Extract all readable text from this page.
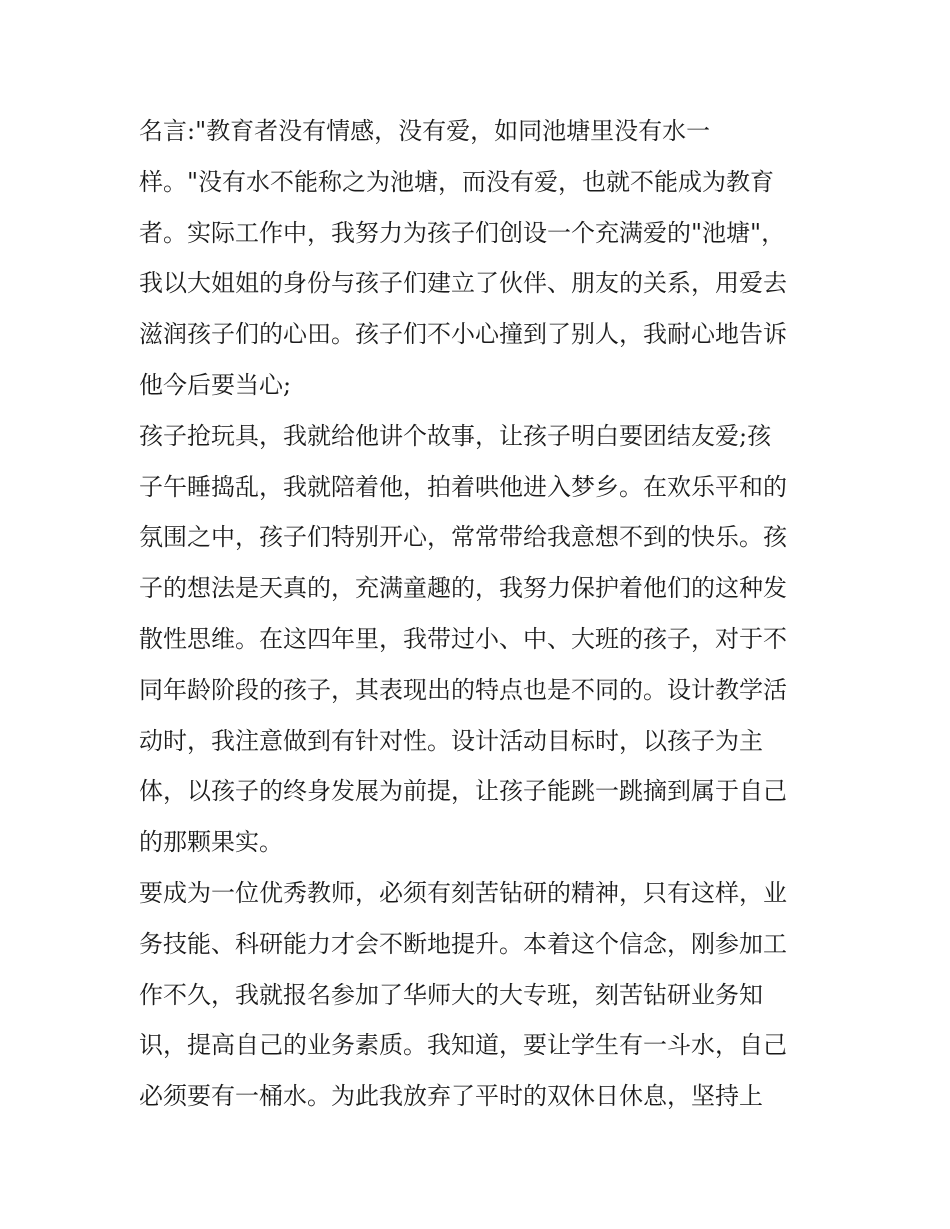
名言:"教育者没有情感，没有爱，如同池塘里没有水一
样。"没有水不能称之为池塘，而没有爱，也就不能成为教育
者。实际工作中，我努力为孩子们创设一个充满爱的"池塘"，
我以大姐姐的身份与孩子们建立了伙伴、朋友的关系，用爱去
滋润孩子们的心田。孩子们不小心撞到了别人，我耐心地告诉
他今后要当心;
孩子抢玩具，我就给他讲个故事，让孩子明白要团结友爱;孩
子午睡捣乱，我就陪着他，拍着哄他进入梦乡。在欢乐平和的
氛围之中，孩子们特别开心，常常带给我意想不到的快乐。孩
子的想法是天真的，充满童趣的，我努力保护着他们的这种发
散性思维。在这四年里，我带过小、中、大班的孩子，对于不
同年龄阶段的孩子，其表现出的特点也是不同的。设计教学活
动时，我注意做到有针对性。设计活动目标时，以孩子为主
体，以孩子的终身发展为前提，让孩子能跳一跳摘到属于自己
的那颗果实。
要成为一位优秀教师，必须有刻苦钻研的精神，只有这样，业
务技能、科研能力才会不断地提升。本着这个信念，刚参加工
作不久，我就报名参加了华师大的大专班，刻苦钻研业务知
识，提高自己的业务素质。我知道，要让学生有一斗水，自己
必须要有一桶水。为此我放弃了平时的双休日休息，坚持上
